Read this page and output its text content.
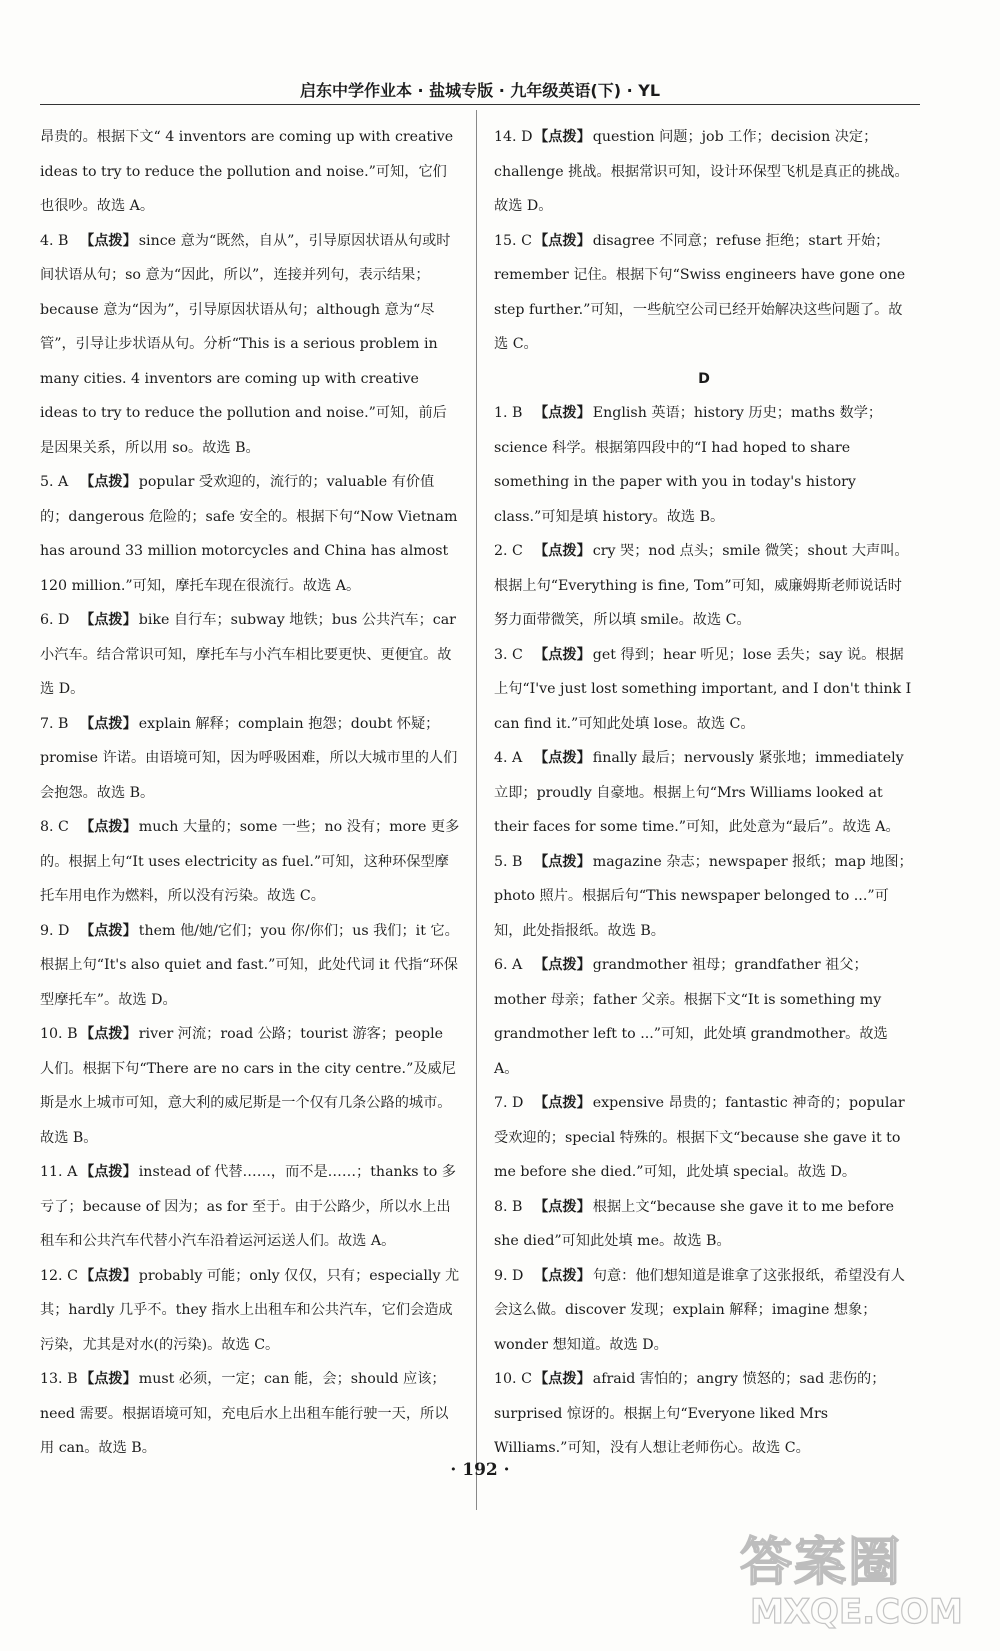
启东中学作业本 · 盐城专版 · 九年级英语(下) · YL

昂贵的。根据下文“ 4 inventors are coming up with creative ideas to try to reduce the pollution and noise.”可知，它们也很吵。故选 A。

4. B 【点拨】 since 意为“既然，自从”，引导原因状语从句或时间状语从句；so 意为“因此，所以”，连接并列句，表示结果；because 意为“因为”，引导原因状语从句；although 意为“尽管”，引导让步状语从句。分析“This is a serious problem in many cities. 4 inventors are coming up with creative ideas to try to reduce the pollution and noise.”可知，前后是因果关系，所以用 so。故选 B。

5. A 【点拨】 popular 受欢迎的，流行的；valuable 有价值的；dangerous 危险的；safe 安全的。根据下句“Now Vietnam has around 33 million motorcycles and China has almost 120 million.”可知，摩托车现在很流行。故选 A。

6. D 【点拨】 bike 自行车；subway 地铁；bus 公共汽车；car 小汽车。结合常识可知，摩托车与小汽车相比要更快、更便宜。故选 D。

7. B 【点拨】 explain 解释；complain 抱怨；doubt 怀疑；promise 许诺。由语境可知，因为呼吸困难，所以大城市里的人们会抱怨。故选 B。

8. C 【点拨】 much 大量的；some 一些；no 没有；more 更多的。根据上句“It uses electricity as fuel.”可知，这种环保型摩托车用电作为燃料，所以没有污染。故选 C。

9. D 【点拨】 them 他/她/它们；you 你/你们；us 我们；it 它。根据上句“It's also quiet and fast.”可知，此处代词 it 代指“环保型摩托车”。故选 D。

10. B 【点拨】 river 河流；road 公路；tourist 游客；people 人们。根据下句“There are no cars in the city centre.”及威尼斯是水上城市可知，意大利的威尼斯是一个仅有几条公路的城市。故选 B。

11. A 【点拨】 instead of 代替……，而不是……；thanks to 多亏了；because of 因为；as for 至于。由于公路少，所以水上出租车和公共汽车代替小汽车沿着运河运送人们。故选 A。

12. C 【点拨】 probably 可能；only 仅仅，只有；especially 尤其；hardly 几乎不。they 指水上出租车和公共汽车，它们会造成污染，尤其是对水(的污染)。故选 C。

13. B 【点拨】 must 必须，一定；can 能，会；should 应该；need 需要。根据语境可知，充电后水上出租车能行驶一天，所以用 can。故选 B。

14. D 【点拨】 question 问题；job 工作；decision 决定；challenge 挑战。根据常识可知，设计环保型飞机是真正的挑战。故选 D。

15. C 【点拨】 disagree 不同意；refuse 拒绝；start 开始；remember 记住。根据下句“Swiss engineers have gone one step further.”可知，一些航空公司已经开始解决这些问题了。故选 C。

D

1. B 【点拨】 English 英语；history 历史；maths 数学；science 科学。根据第四段中的“I had hoped to share something in the paper with you in today's history class.”可知是填 history。故选 B。

2. C 【点拨】 cry 哭；nod 点头；smile 微笑；shout 大声叫。根据上句“Everything is fine, Tom”可知，威廉姆斯老师说话时努力面带微笑，所以填 smile。故选 C。

3. C 【点拨】 get 得到；hear 听见；lose 丢失；say 说。根据上句“I've just lost something important, and I don't think I can find it.”可知此处填 lose。故选 C。

4. A 【点拨】 finally 最后；nervously 紧张地；immediately 立即；proudly 自豪地。根据上句“Mrs Williams looked at their faces for some time.”可知，此处意为“最后”。故选 A。

5. B 【点拨】 magazine 杂志；newspaper 报纸；map 地图；photo 照片。根据后句“This newspaper belonged to ...”可知，此处指报纸。故选 B。

6. A 【点拨】 grandmother 祖母；grandfather 祖父；mother 母亲；father 父亲。根据下文“It is something my grandmother left to ...”可知，此处填 grandmother。故选 A。

7. D 【点拨】 expensive 昂贵的；fantastic 神奇的；popular 受欢迎的；special 特殊的。根据下文“because she gave it to me before she died.”可知，此处填 special。故选 D。

8. B 【点拨】 根据上文“because she gave it to me before she died”可知此处填 me。故选 B。

9. D 【点拨】 句意：他们想知道是谁拿了这张报纸，希望没有人会这么做。discover 发现；explain 解释；imagine 想象；wonder 想知道。故选 D。

10. C 【点拨】 afraid 害怕的；angry 愤怒的；sad 悲伤的；surprised 惊讶的。根据上句“Everyone liked Mrs Williams.”可知，没有人想让老师伤心。故选 C。

· 192 ·
答案圈
MXQE.COM
